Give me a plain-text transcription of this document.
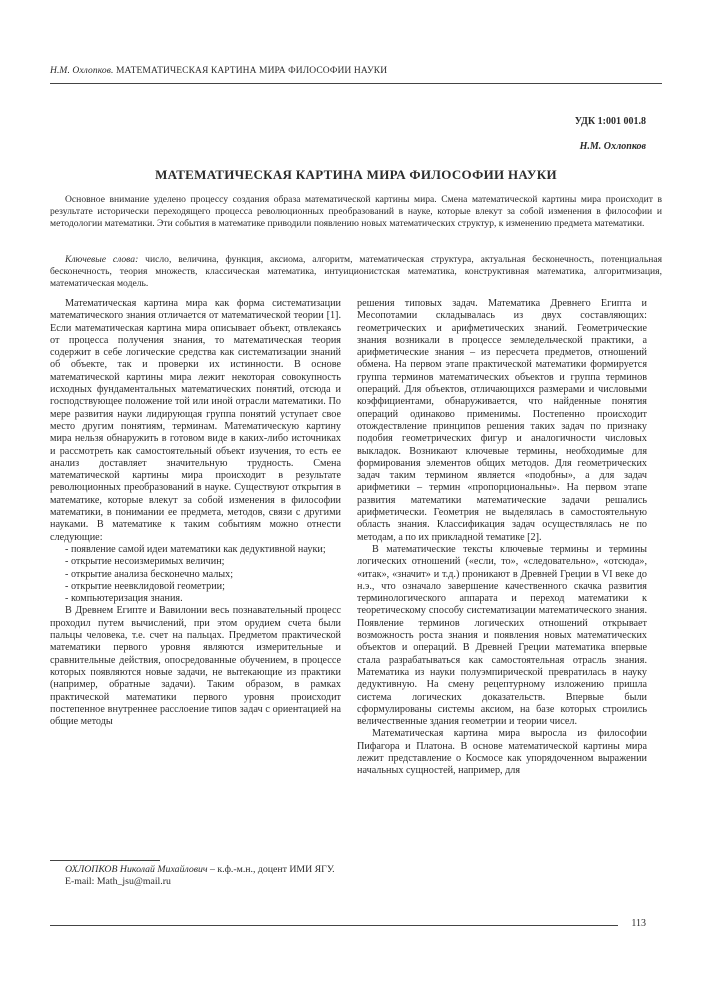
Н.М. Охлопков. МАТЕМАТИЧЕСКАЯ КАРТИНА МИРА ФИЛОСОФИИ НАУКИ
УДК 1:001 001.8
Н.М. Охлопков
МАТЕМАТИЧЕСКАЯ КАРТИНА МИРА ФИЛОСОФИИ НАУКИ

Основное внимание уделено процессу создания образа математической картины мира. Смена математической картины мира происходит в результате исторически переходящего процесса революционных преобразований в науке, которые влекут за собой изменения в философии и методологии математики. Эти события в математике приводили появлению новых математических структур, к изменению предмета математики.

Ключевые слова: число, величина, функция, аксиома, алгоритм, математическая структура, актуальная бесконечность, потенциальная бесконечность, теория множеств, классическая математика, интуиционистская математика, конструктивная математика, алгоритмизация, математическая модель.

Математическая картина мира как форма систематизации математического знания отличается от математической теории [1]. Если математическая картина мира описывает объект, отвлекаясь от процесса получения знания, то математическая теория содержит в себе логические средства как систематизации знаний об объекте, так и проверки их истинности. В основе математической картины мира лежит некоторая совокупность исходных фундаментальных математических понятий, отсюда и господствующее положение той или иной отрасли математики. По мере развития науки лидирующая группа понятий уступает свое место другим понятиям, терминам. Математическую картину мира нельзя обнаружить в готовом виде в каких-либо источниках и рассмотреть как самостоятельный объект изучения, то есть ее анализ доставляет значительную трудность. Смена математической картины мира происходит в результате революционных преобразований в науке. Существуют открытия в математике, которые влекут за собой изменения в философии математики, в понимании ее предмета, методов, связи с другими науками. В математике к таким событиям можно отнести следующие:

- появление самой идеи математики как дедуктивной науки;
- открытие несоизмеримых величин;
- открытие анализа бесконечно малых;
- открытие неевклидовой геометрии;
- компьютеризация знания.

В Древнем Египте и Вавилонии весь познавательный процесс проходил путем вычислений, при этом орудием счета были пальцы человека, т.е. счет на пальцах. Предметом практической математики первого уровня являются измерительные и сравнительные действия, опосредованные обучением, в процессе которых появляются новые задачи, не вытекающие из практики (например, обратные задачи). Таким образом, в рамках практической математики первого уровня происходит постепенное внутреннее расслоение типов задач с ориентацией на общие методы

решения типовых задач. Математика Древнего Египта и Месопотамии складывалась из двух составляющих: геометрических и арифметических знаний. Геометрические знания возникали в процессе земледельческой практики, а арифметические знания – из пересчета предметов, отношений обмена. На первом этапе практической математики формируется группа терминов математических объектов и группа терминов операций. Для объектов, отличающихся размерами и числовыми коэффициентами, обнаруживается, что найденные понятия операций одинаково применимы. Постепенно происходит отождествление принципов решения таких задач по признаку подобия геометрических фигур и аналогичности числовых выкладок. Возникают ключевые термины, необходимые для формирования элементов общих методов. Для геометрических задач таким термином является «подобны», а для задач арифметики – термин «пропорциональны». На первом этапе развития математики математические задачи решались арифметически. Геометрия не выделялась в самостоятельную область знания. Классификация задач осуществлялась не по методам, а по их прикладной тематике [2].

В математические тексты ключевые термины и термины логических отношений («если, то», «следовательно», «отсюда», «итак», «значит» и т.д.) проникают в Древней Греции в VI веке до н.э., что означало завершение качественного скачка развития терминологического аппарата и переход математики к теоретическому способу систематизации математического знания. Появление терминов логических отношений открывает возможность роста знания и появления новых математических объектов и операций. В Древней Греции математика впервые стала разрабатываться как самостоятельная отрасль знания. Математика из науки полуэмпирической превратилась в науку дедуктивную. На смену рецептурному изложению пришла система логических доказательств. Впервые были сформулированы системы аксиом, на базе которых строились величественные здания геометрии и теории чисел.

Математическая картина мира выросла из философии Пифагора и Платона. В основе математической картины мира лежит представление о Космосе как упорядоченном выражении начальных сущностей, например, для

ОХЛОПКОВ Николай Михайлович – к.ф.-м.н., доцент ИМИ ЯГУ.

E-mail: Math_jsu@mail.ru

113
